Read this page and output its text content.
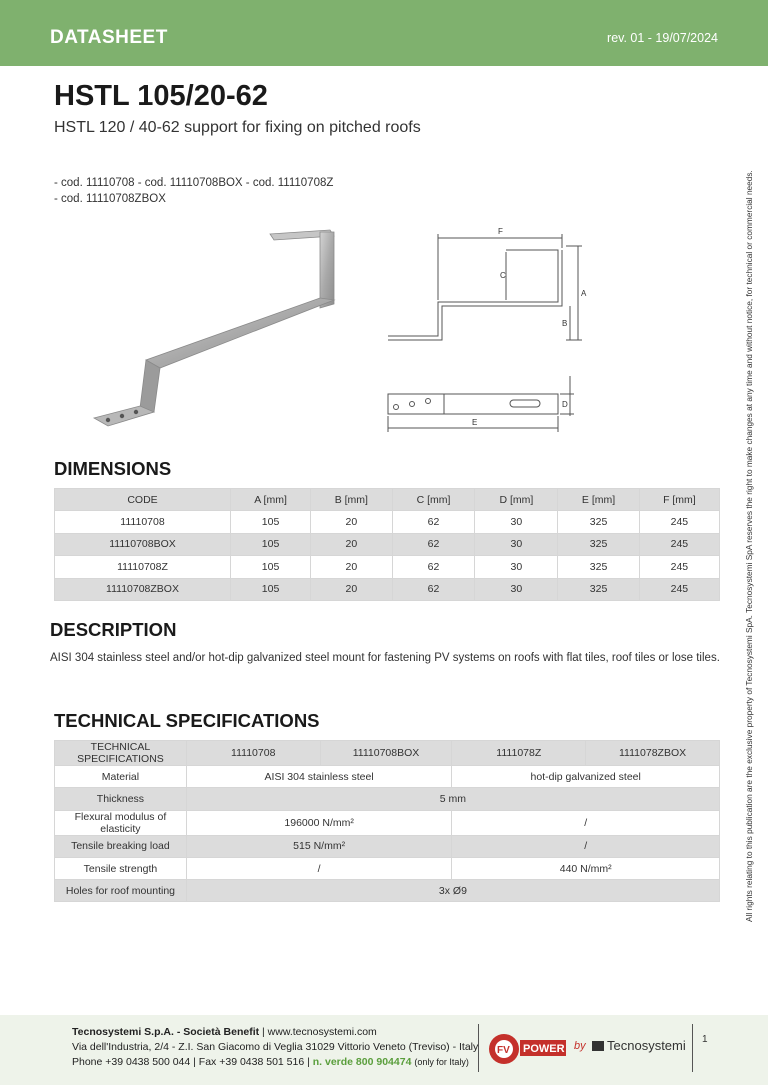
DATASHEET	rev. 01 - 19/07/2024
HSTL 105/20-62
HSTL 120 / 40-62 support for fixing on pitched roofs
- cod. 11110708 - cod. 11110708BOX - cod. 11110708Z
- cod. 11110708ZBOX
F
C
A
B
D
E	All rights relating to this publication are the exclusive property of Tecnosystemi SpA. Tecnosystemi SpA reserves the right to make changes at any time and without notice, for technical or commercial needs.
DIMENSIONS
CODE	A [mm]	B [mm]	C [mm]	D [mm]	E [mm]	F [mm]
11110708	105	20	62	30	325	245
11110708BOX	105	20	62	30	325	245
11110708Z	105	20	62	30	325	245
11110708ZBOX	105	20	62	30	325	245
DESCRIPTION
AISI 304 stainless steel and/or hot-dip galvanized steel mount for fastening PV systems on roofs with flat tiles, roof tiles or lose tiles.
TECHNICAL SPECIFICATIONS
TECHNICAL SPECIFICATIONS	11110708	11110708BOX	1111078Z	1111078ZBOX
Material	AISI 304 stainless steel		hot-dip galvanized steel	
Thickness	5 mm			
Flexural modulus of elasticity	196000 N/mm²		/	
Tensile breaking load	515 N/mm²		/	
Tensile strength	/		440 N/mm²	
Holes for roof mounting	3x Ø9			
Tecnosystemi S.p.A. - Società Benefit | www.tecnosystemi.com
Via dell'Industria, 2/4 - Z.I. San Giacomo di Veglia 31029 Vittorio Veneto (Treviso) - Italy
Phone +39 0438 500 044 | Fax +39 0438 501 516 | n. verde 800 904474 (only for Italy)
FV POWER by	Tecnosystemi 1
